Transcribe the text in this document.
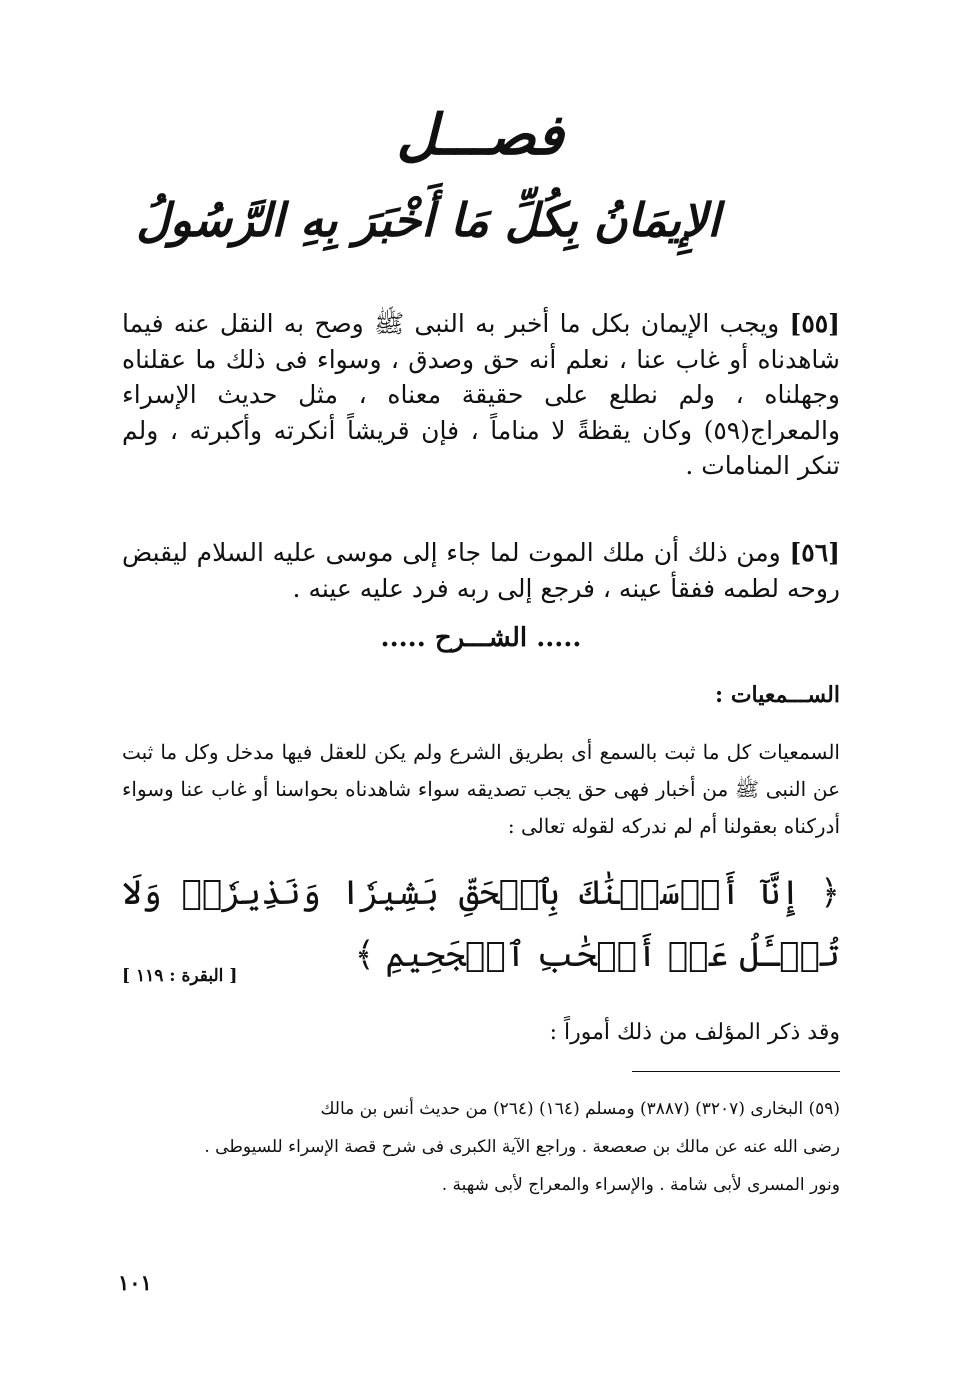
فصـــل
الإِيمَانُ بِكُلِّ مَا أَخْبَرَ بِهِ الرَّسُولُ

[٥٥] ويجب الإيمان بكل ما أخبر به النبى ﷺ وصح به النقل عنه فيما شاهدناه أو غاب عنا ، نعلم أنه حق وصدق ، وسواء فى ذلك ما عقلناه وجهلناه ، ولم نطلع على حقيقة معناه ، مثل حديث الإسراء والمعراج(٥٩) وكان يقظةً لا مناماً ، فإن قريشاً أنكرته وأكبرته ، ولم تنكر المنامات .

[٥٦] ومن ذلك أن ملك الموت لما جاء إلى موسى عليه السلام ليقبض روحه لطمه ففقأ عينه ، فرجع إلى ربه فرد عليه عينه .

..... الشـــرح .....
الســـمعيات :

السمعيات كل ما ثبت بالسمع أى بطريق الشرع ولم يكن للعقل فيها مدخل وكل ما ثبت عن النبى ﷺ من أخبار فهى حق يجب تصديقه سواء شاهدناه بحواسنا أو غاب عنا وسواء أدركناه بعقولنا أم لم ندركه لقوله تعالى :

﴿ إِنَّآ أَرۡسَلۡنَٰكَ بِٱلۡحَقِّ بَشِيرٗا وَنَذِيرٗاۖ وَلَا تُسۡـَٔلُ عَنۡ أَصۡحَٰبِ ٱلۡجَحِيمِ ﴾
[ البقرة : ١١٩ ]
وقد ذكر المؤلف من ذلك أموراً :

(٥٩) البخارى (٣٢٠٧) (٣٨٨٧) ومسلم (١٦٤) (٢٦٤) من حديث أنس بن مالك

رضى الله عنه عن مالك بن صعصعة . وراجع الآية الكبرى فى شرح قصة الإسراء للسيوطى .

ونور المسرى لأبى شامة . والإسراء والمعراج لأبى شهبة .

١٠١
